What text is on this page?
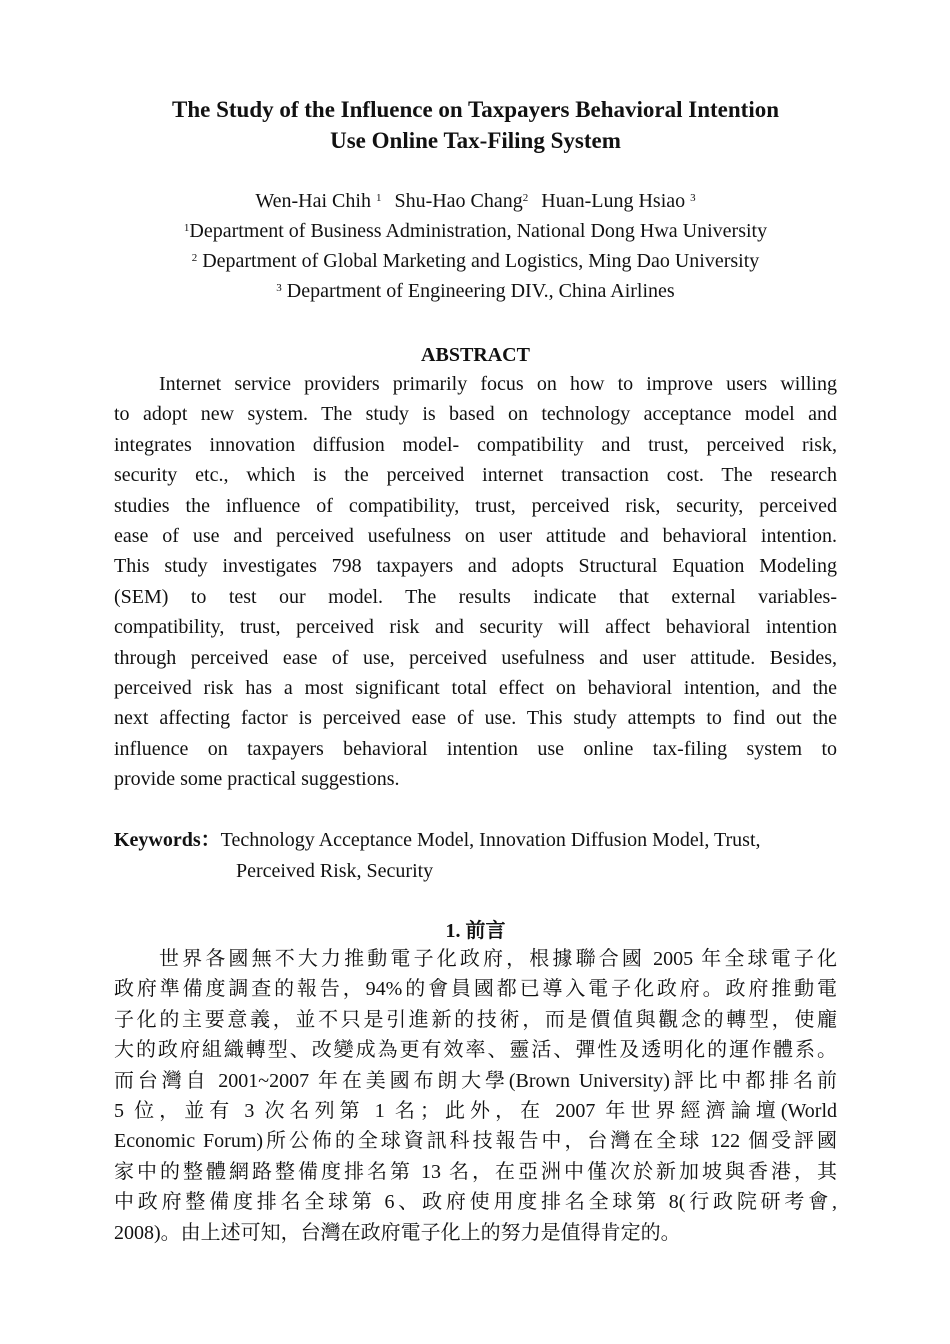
The Study of the Influence on Taxpayers Behavioral Intention
Use Online Tax-Filing System
Wen-Hai Chih $^1$ Shu-Hao Chang$^2$ Huan-Lung Hsiao $^3$
$^1$Department of Business Administration, National Dong Hwa University
$^2$ Department of Global Marketing and Logistics, Ming Dao University
$^3$ Department of Engineering DIV., China Airlines
ABSTRACT
Internet service providers primarily focus on how to improve users willing
to adopt new system. The study is based on technology acceptance model and
integrates innovation diffusion model- compatibility and trust, perceived risk,
security etc., which is the perceived internet transaction cost. The research
studies the influence of compatibility, trust, perceived risk, security, perceived
ease of use and perceived usefulness on user attitude and behavioral intention.
This study investigates 798 taxpayers and adopts Structural Equation Modeling
(SEM) to test our model. The results indicate that external variables-
compatibility, trust, perceived risk and security will affect behavioral intention
through perceived ease of use, perceived usefulness and user attitude. Besides,
perceived risk has a most significant total effect on behavioral intention, and the
next affecting factor is perceived ease of use. This study attempts to find out the
influence on taxpayers behavioral intention use online tax-filing system to
provide some practical suggestions.
Keywords：Technology Acceptance Model, Innovation Diffusion Model, Trust,
Perceived Risk, Security
1. 前言
世界各國無不大力推動電子化政府，根據聯合國 2005 年全球電子化
政府準備度調查的報告，94%的會員國都已導入電子化政府。政府推動電
子化的主要意義，並不只是引進新的技術，而是價值與觀念的轉型，使龐
大的政府組織轉型、改變成為更有效率、靈活、彈性及透明化的運作體系。
而台灣自 2001~2007 年在美國布朗大學(Brown University)評比中都排名前
5 位，並有 3 次名列第 1 名；此外，在 2007 年世界經濟論壇(World
Economic Forum)所公佈的全球資訊科技報告中，台灣在全球 122 個受評國
家中的整體網路整備度排名第 13 名，在亞洲中僅次於新加坡與香港，其
中政府整備度排名全球第 6、政府使用度排名全球第 8(行政院研考會,
2008)。由上述可知，台灣在政府電子化上的努力是值得肯定的。
